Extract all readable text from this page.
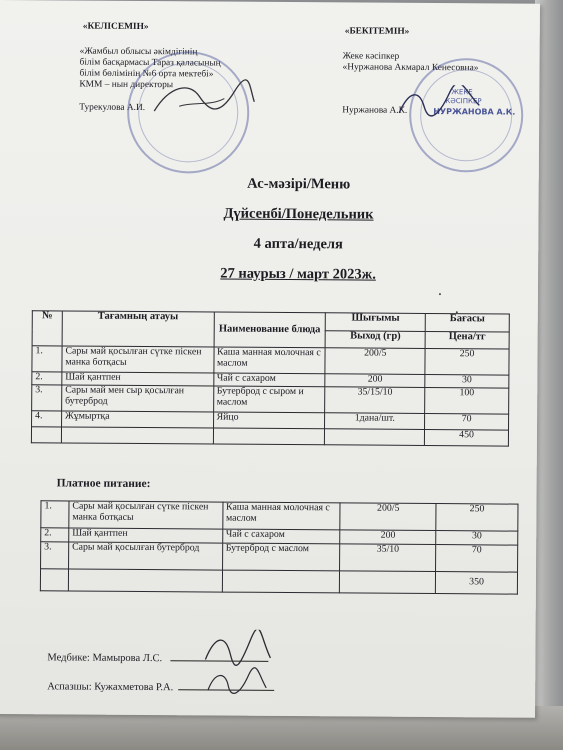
«КЕЛІСЕМІН»
«Жамбыл облысы әкімдігінің
білім басқармасы Тараз қаласының
білім бөлімінің №6 орта мектебі»
КММ – нын директоры
Турекулова А.И.
«БЕКІТЕМІН»
Жеке кәсіпкер
«Нуржанова Акмарал Кенесовна»
Нуржанова А.К.
ЖЕКЕ
КӘСІПКЕР
НУРЖАНОВА А.К.
Ас-мәзірі/Меню
Дүйсенбі/Понедельник
4 апта/неделя
27 наурыз / март 2023ж.
№	Тағамның атауы	Наименование блюда	Шығымы	Бағасы
			Выход (гр)	Цена/тг
1.	Сары май қосылған сүтке піскен манка ботқасы	Каша манная молочная с маслом	200/5	250
2.	Шай қантпен	Чай с сахаром	200	30
3.	Сары май мен сыр қосылған бутерброд	Бутерброд с сыром и маслом	35/15/10	100
4.	Жұмыртқа	Яйцо	1дана/шт.	70
				450
Платное питание:
1.	Сары май қосылған сүтке піскен манка ботқасы	Каша манная молочная с маслом	200/5	250
2.	Шай қантпен	Чай с сахаром	200	30
3.	Сары май қосылған бутерброд	Бутерброд с маслом	35/10	70
				350
Медбике: Мамырова Л.С.
Аспазшы: Кужахметова Р.А.
